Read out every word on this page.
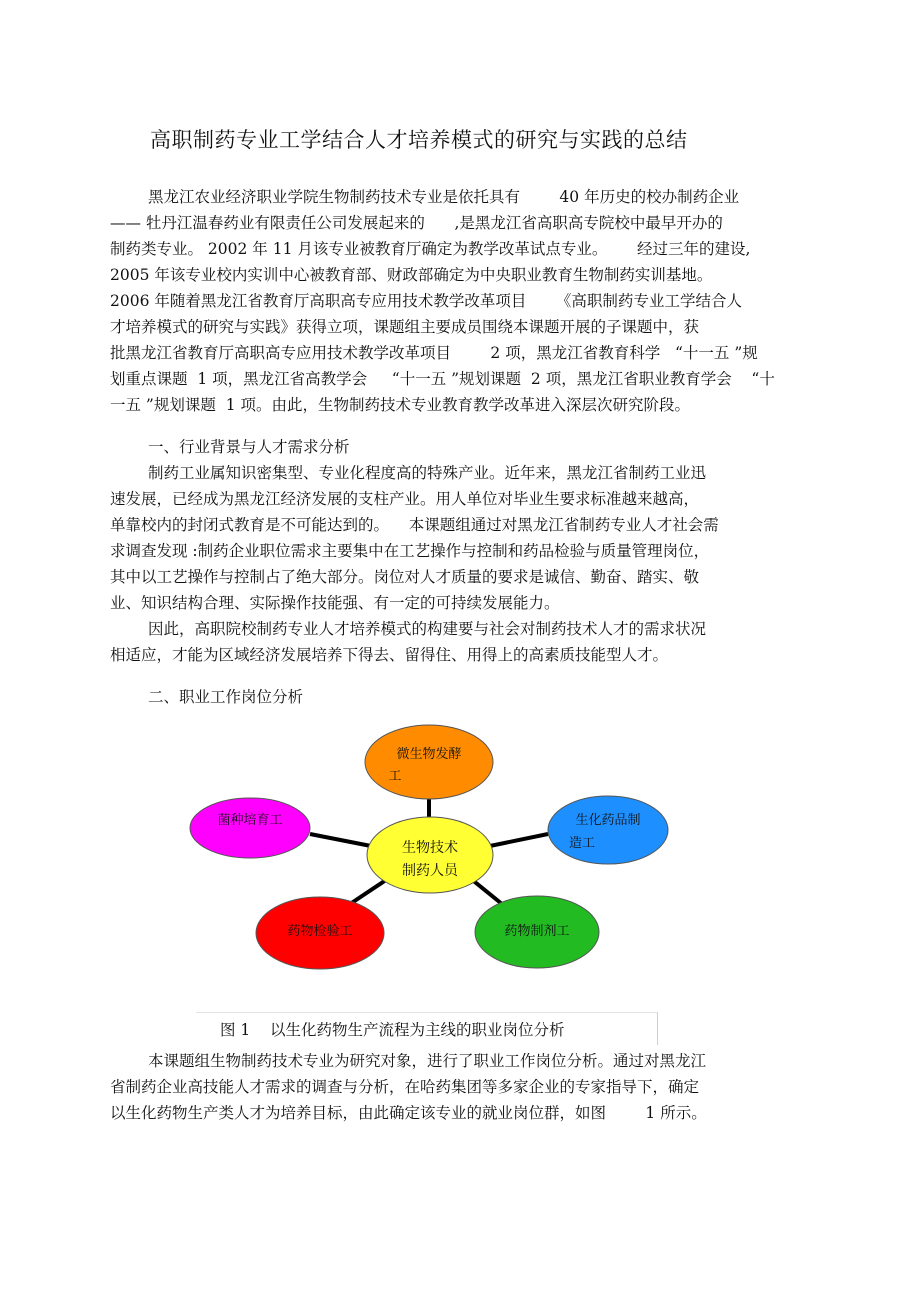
高职制药专业工学结合人才培养模式的研究与实践的总结
黑龙江农业经济职业学院生物制药技术专业是依托具有        40 年历史的校办制药企业
—— 牡丹江温春药业有限责任公司发展起来的      ,是黑龙江省高职高专院校中最早开办的
制药类专业。 2002 年 11 月该专业被教育厅确定为教学改革试点专业。      经过三年的建设,
2005 年该专业校内实训中心被教育部、财政部确定为中央职业教育生物制药实训基地。
2006 年随着黑龙江省教育厅高职高专应用技术教学改革项目      《高职制药专业工学结合人
才培养模式的研究与实践》获得立项，课题组主要成员围绕本课题开展的子课题中，获
批黑龙江省教育厅高职高专应用技术教学改革项目        2 项，黑龙江省教育科学   “十一五 ”规
划重点课题  1 项，黑龙江省高教学会     “十一五 ”规划课题  2 项，黑龙江省职业教育学会    “十
一五 ”规划课题  1 项。由此，生物制药技术专业教育教学改革进入深层次研究阶段。
一、行业背景与人才需求分析
制药工业属知识密集型、专业化程度高的特殊产业。近年来，黑龙江省制药工业迅
速发展，已经成为黑龙江经济发展的支柱产业。用人单位对毕业生要求标准越来越高，
单靠校内的封闭式教育是不可能达到的。    本课题组通过对黑龙江省制药专业人才社会需
求调查发现 :制药企业职位需求主要集中在工艺操作与控制和药品检验与质量管理岗位，
其中以工艺操作与控制占了绝大部分。岗位对人才质量的要求是诚信、勤奋、踏实、敬
业、知识结构合理、实际操作技能强、有一定的可持续发展能力。
因此，高职院校制药专业人才培养模式的构建要与社会对制药技术人才的需求状况
相适应，才能为区域经济发展培养下得去、留得住、用得上的高素质技能型人才。
二、职业工作岗位分析
微生物发酵
工
菌种培育工	生化药品制
造工
生物技术
制药人员
药物检验工	药物制剂工
图 1    以生化药物生产流程为主线的职业岗位分析
本课题组生物制药技术专业为研究对象，进行了职业工作岗位分析。通过对黑龙江
省制药企业高技能人才需求的调查与分析，在哈药集团等多家企业的专家指导下，确定
以生化药物生产类人才为培养目标，由此确定该专业的就业岗位群，如图        1 所示。
